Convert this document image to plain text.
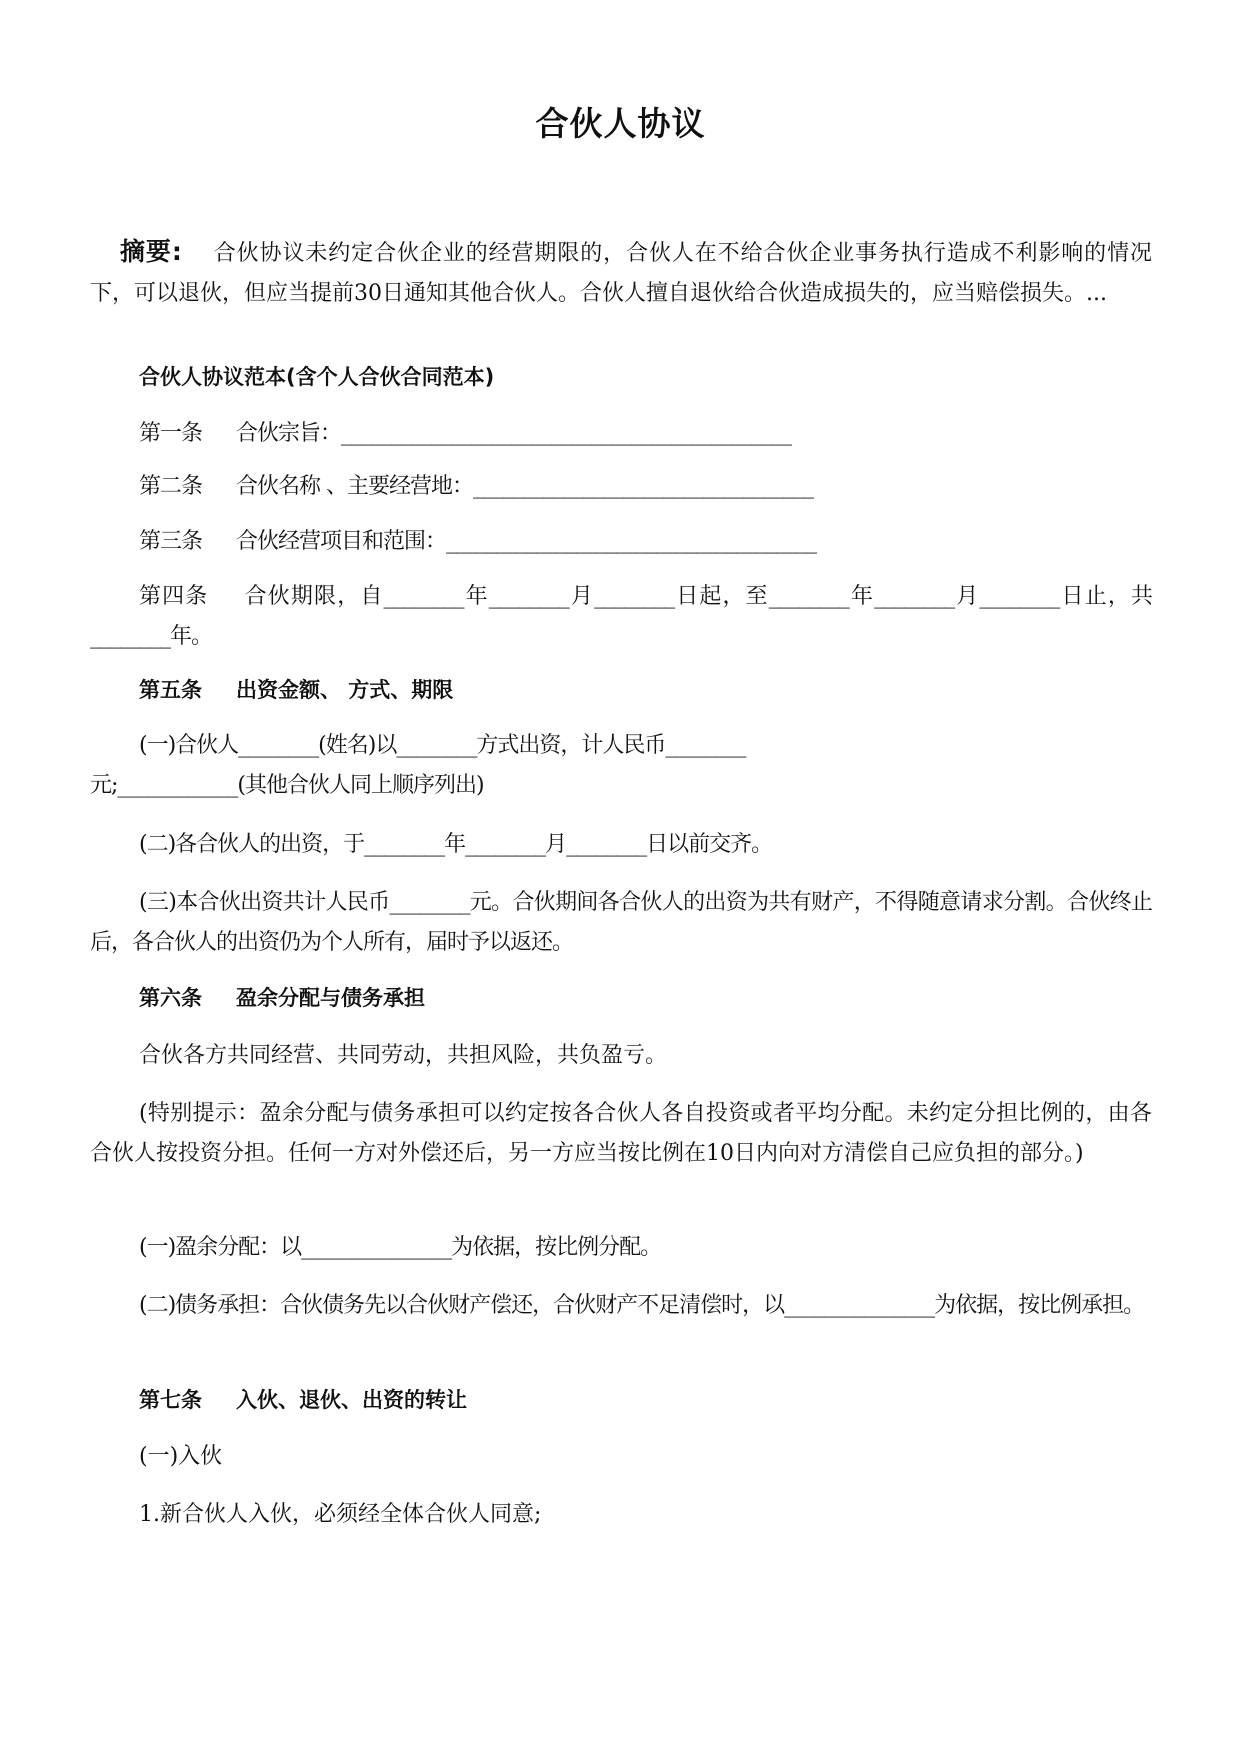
合伙人协议

摘要: 合伙协议未约定合伙企业的经营期限的，合伙人在不给合伙企业事务执行造成不利影响的情况下，可以退伙，但应当提前30日通知其他合伙人。合伙人擅自退伙给合伙造成损失的，应当赔偿损失。...

合伙人协议范本(含个人合伙合同范本)

第一条 合伙宗旨：_____________________________________________

第二条 合伙名称 、主要经营地：__________________________________

第三条 合伙经营项目和范围：_____________________________________

第四条 合伙期限，自________年________月________日起，至________年________月________日止，共________年。

第五条 出资金额、 方式、期限

(一)合伙人________(姓名)以________方式出资，计人民币________

元;____________(其他合伙人同上顺序列出)

(二)各合伙人的出资，于________年________月________日以前交齐。

(三)本合伙出资共计人民币________元。合伙期间各合伙人的出资为共有财产，不得随意请求分割。合伙终止后，各合伙人的出资仍为个人所有，届时予以返还。

第六条 盈余分配与债务承担

合伙各方共同经营、共同劳动，共担风险，共负盈亏。

(特别提示：盈余分配与债务承担可以约定按各合伙人各自投资或者平均分配。未约定分担比例的，由各合伙人按投资分担。任何一方对外偿还后，另一方应当按比例在10日内向对方清偿自己应负担的部分。)

(一)盈余分配：以_______________为依据，按比例分配。

(二)债务承担：合伙债务先以合伙财产偿还，合伙财产不足清偿时，以_______________为依据，按比例承担。

第七条 入伙、退伙、出资的转让

(一)入伙

1.新合伙人入伙，必须经全体合伙人同意;
